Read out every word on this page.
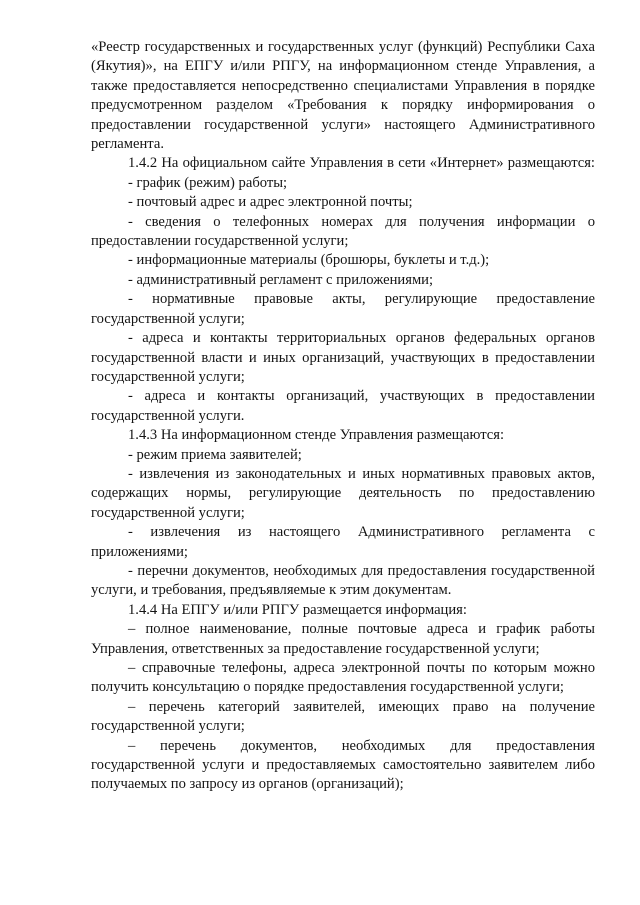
«Реестр государственных и государственных услуг (функций) Республики Саха (Якутия)», на ЕПГУ и/или РПГУ, на информационном стенде Управления, а также предоставляется непосредственно специалистами Управления в порядке предусмотренном разделом «Требования к порядку информирования о предоставлении государственной услуги» настоящего Административного регламента.

1.4.2 На официальном сайте Управления в сети «Интернет» размещаются:

- график (режим) работы;

- почтовый адрес и адрес электронной почты;

- сведения о телефонных номерах для получения информации о предоставлении государственной услуги;

- информационные материалы (брошюры, буклеты и т.д.);

- административный регламент с приложениями;

- нормативные правовые акты, регулирующие предоставление государственной услуги;

- адреса и контакты территориальных органов федеральных органов государственной власти и иных организаций, участвующих в предоставлении государственной услуги;

- адреса и контакты организаций, участвующих в предоставлении государственной услуги.

1.4.3 На информационном стенде Управления размещаются:

- режим приема заявителей;

- извлечения из законодательных и иных нормативных правовых актов, содержащих нормы, регулирующие деятельность по предоставлению государственной услуги;

- извлечения из настоящего Административного регламента с приложениями;

- перечни документов, необходимых для предоставления государственной услуги, и требования, предъявляемые к этим документам.

1.4.4 На ЕПГУ и/или РПГУ размещается информация:

– полное наименование, полные почтовые адреса и график работы Управления, ответственных за предоставление государственной услуги;

– справочные телефоны, адреса электронной почты по которым можно получить консультацию о порядке предоставления государственной услуги;

– перечень категорий заявителей, имеющих право на получение государственной услуги;

– перечень документов, необходимых для предоставления государственной услуги и предоставляемых самостоятельно заявителем либо получаемых по запросу из органов (организаций);
